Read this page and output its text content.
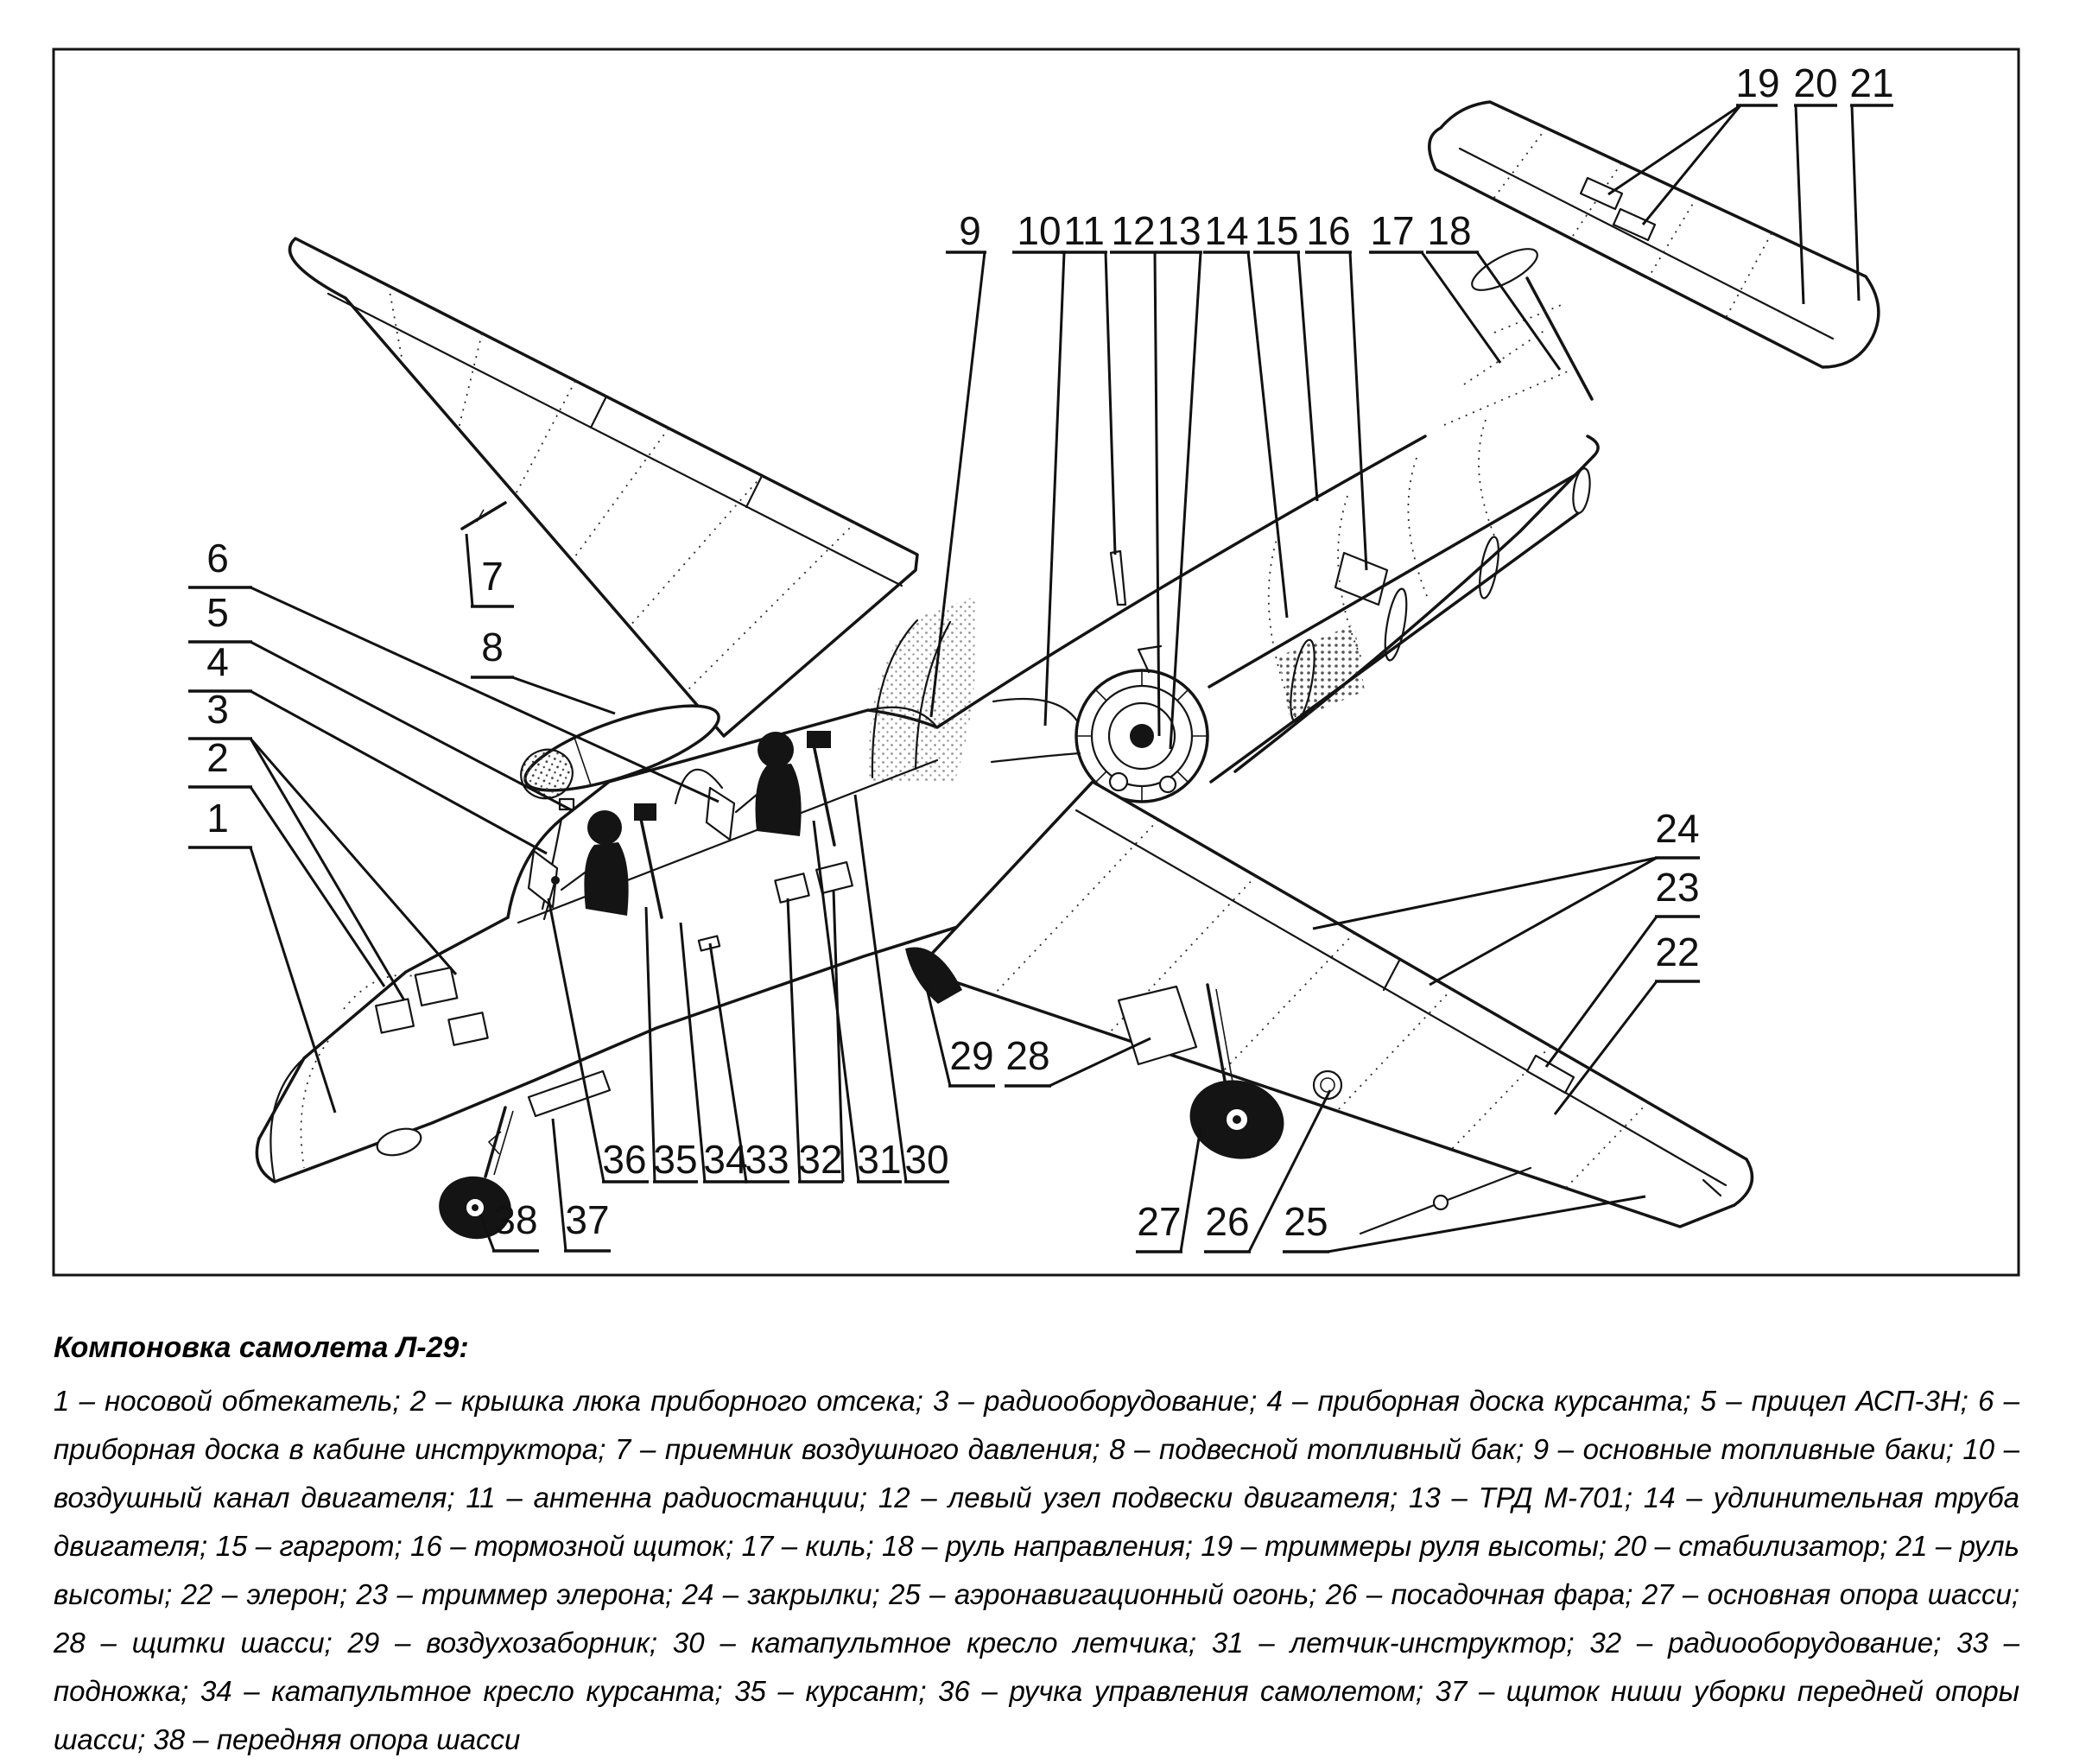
1
2
3
4
5
6	7
8
9 10 11 12 13 14 15 16 17 18
19 20 21
22
23
24
25
26
27
28
29
30
31
32
33
34
35
36
37
38

Компоновка самолета Л-29:

1 – носовой обтекатель; 2 – крышка люка приборного отсека; 3 – радиооборудование; 4 – приборная доска курсанта; 5 – прицел АСП-3Н; 6 – приборная доска в кабине инструктора; 7 – приемник воздушного давления; 8 – подвесной топливный бак; 9 – основные топливные баки; 10 – воздушный канал двигателя; 11 – антенна радиостанции; 12 – левый узел подвески двигателя; 13 – ТРД М-701; 14 – удлинительная труба двигателя; 15 – гаргрот; 16 – тормозной щиток; 17 – киль; 18 – руль направления; 19 – триммеры руля высоты; 20 – стабилизатор; 21 – руль высоты; 22 – элерон; 23 – триммер элерона; 24 – закрылки; 25 – аэронавигационный огонь; 26 – посадочная фара; 27 – основная опора шасси; 28 – щитки шасси; 29 – воздухозаборник; 30 – катапультное кресло летчика; 31 – летчик-инструктор; 32 – радиооборудование; 33 – подножка; 34 – катапультное кресло курсанта; 35 – курсант; 36 – ручка управления самолетом; 37 – щиток ниши уборки передней опоры шасси; 38 – передняя опора шасси
